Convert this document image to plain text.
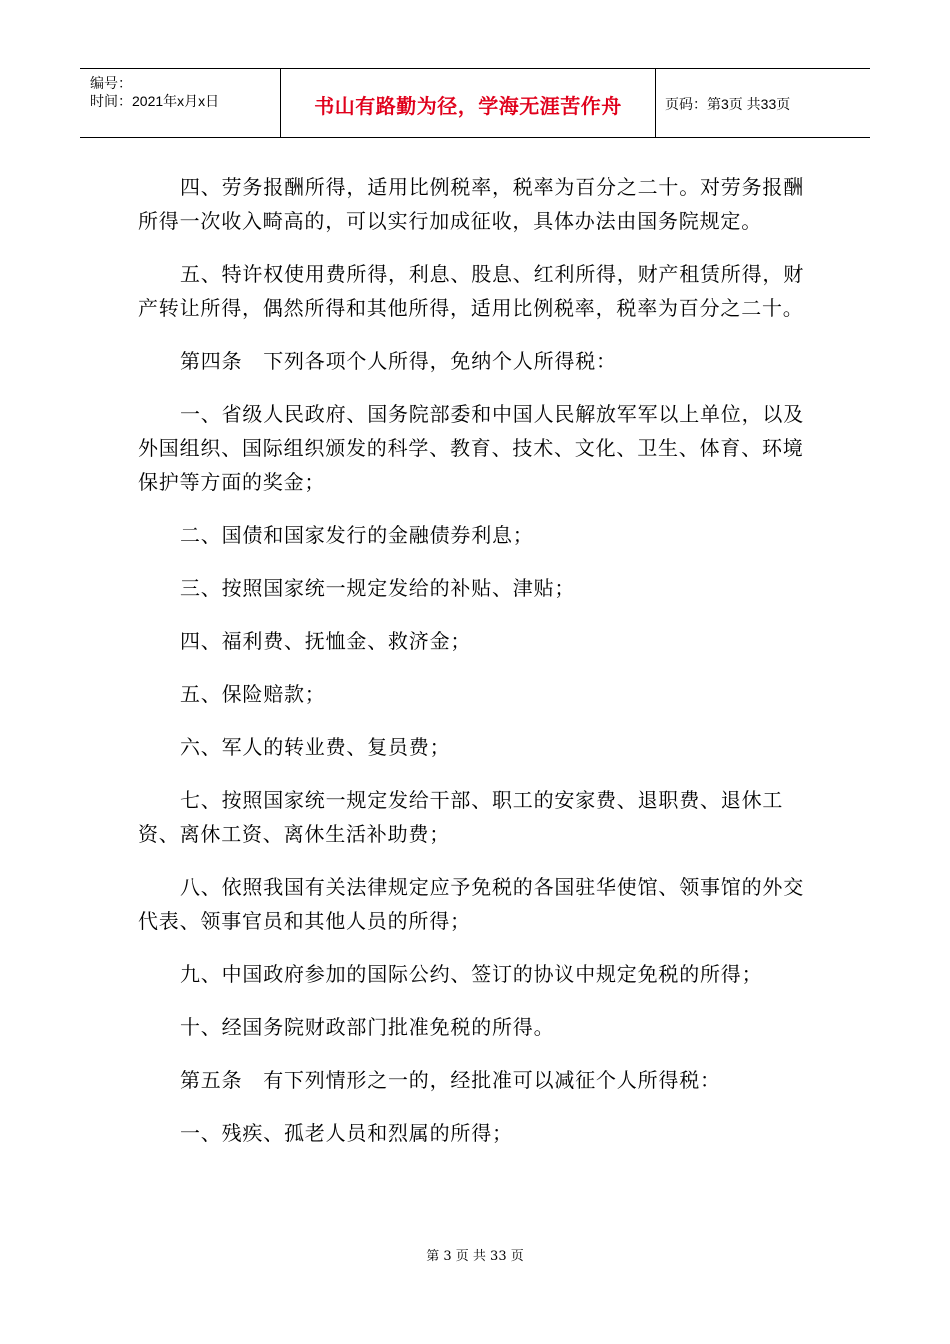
编号：
时间：2021年x月x日	书山有路勤为径，学海无涯苦作舟	页码：第3页 共33页

四、劳务报酬所得，适用比例税率，税率为百分之二十。对劳务报酬所得一次收入畸高的，可以实行加成征收，具体办法由国务院规定。

五、特许权使用费所得，利息、股息、红利所得，财产租赁所得，财产转让所得，偶然所得和其他所得，适用比例税率，税率为百分之二十。

第四条　下列各项个人所得，免纳个人所得税：

一、省级人民政府、国务院部委和中国人民解放军军以上单位，以及外国组织、国际组织颁发的科学、教育、技术、文化、卫生、体育、环境保护等方面的奖金；

二、国债和国家发行的金融债券利息；

三、按照国家统一规定发给的补贴、津贴；

四、福利费、抚恤金、救济金；

五、保险赔款；

六、军人的转业费、复员费；

七、按照国家统一规定发给干部、职工的安家费、退职费、退休工资、离休工资、离休生活补助费；

八、依照我国有关法律规定应予免税的各国驻华使馆、领事馆的外交代表、领事官员和其他人员的所得；

九、中国政府参加的国际公约、签订的协议中规定免税的所得；

十、经国务院财政部门批准免税的所得。

第五条　有下列情形之一的，经批准可以减征个人所得税：

一、残疾、孤老人员和烈属的所得；

第 3 页 共 33 页
